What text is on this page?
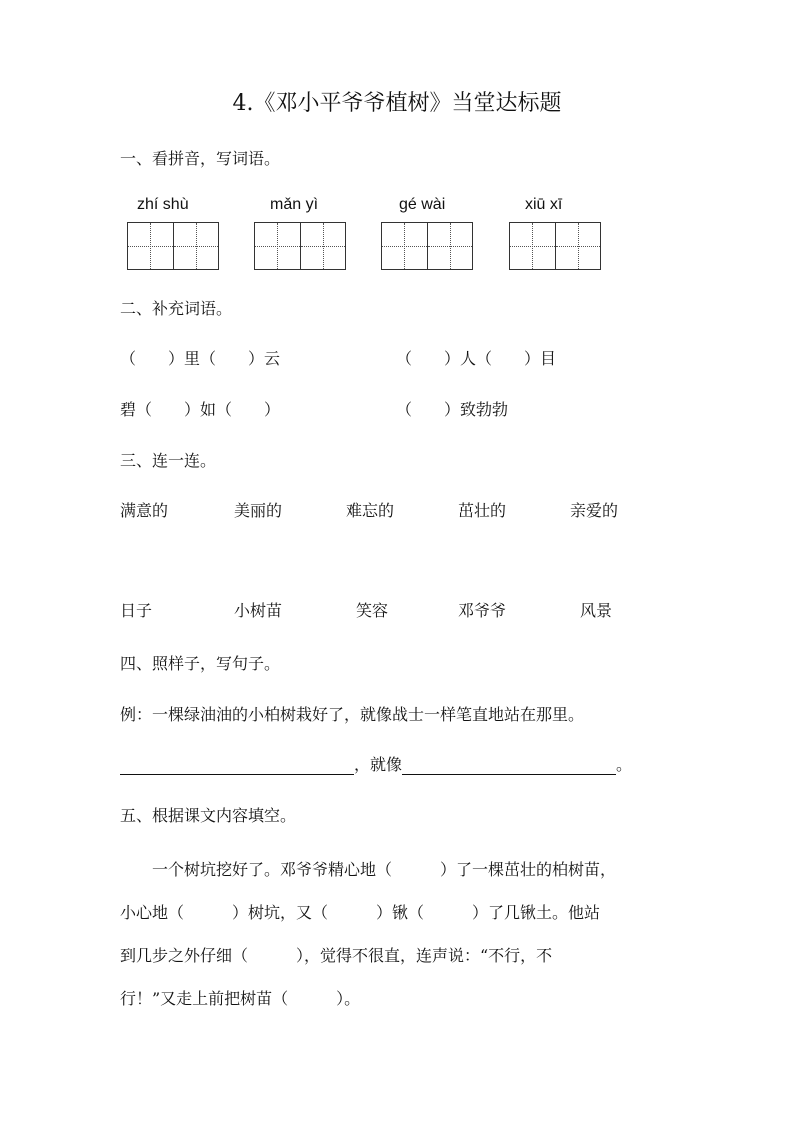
4.《邓小平爷爷植树》当堂达标题
一、看拼音，写词语。
zhí shù	mǎn yì	gé wài	xiū xī
二、补充词语。
（　　）里（　　）云	（　　）人（　　）目
碧（　　）如（　　）	（　　）致勃勃
三、连一连。
满意的	美丽的	难忘的	茁壮的	亲爱的
日子	小树苗	笑容	邓爷爷	风景
四、照样子，写句子。
例：一棵绿油油的小柏树栽好了，就像战士一样笔直地站在那里。
，就像	。
五、根据课文内容填空。
一个树坑挖好了。邓爷爷精心地（　　　）了一棵茁壮的柏树苗，
小心地（　　　）树坑，又（　　　）锹（　　　）了几锹土。他站
到几步之外仔细（　　　），觉得不很直，连声说：“不行，不
行！”又走上前把树苗（　　　）。
